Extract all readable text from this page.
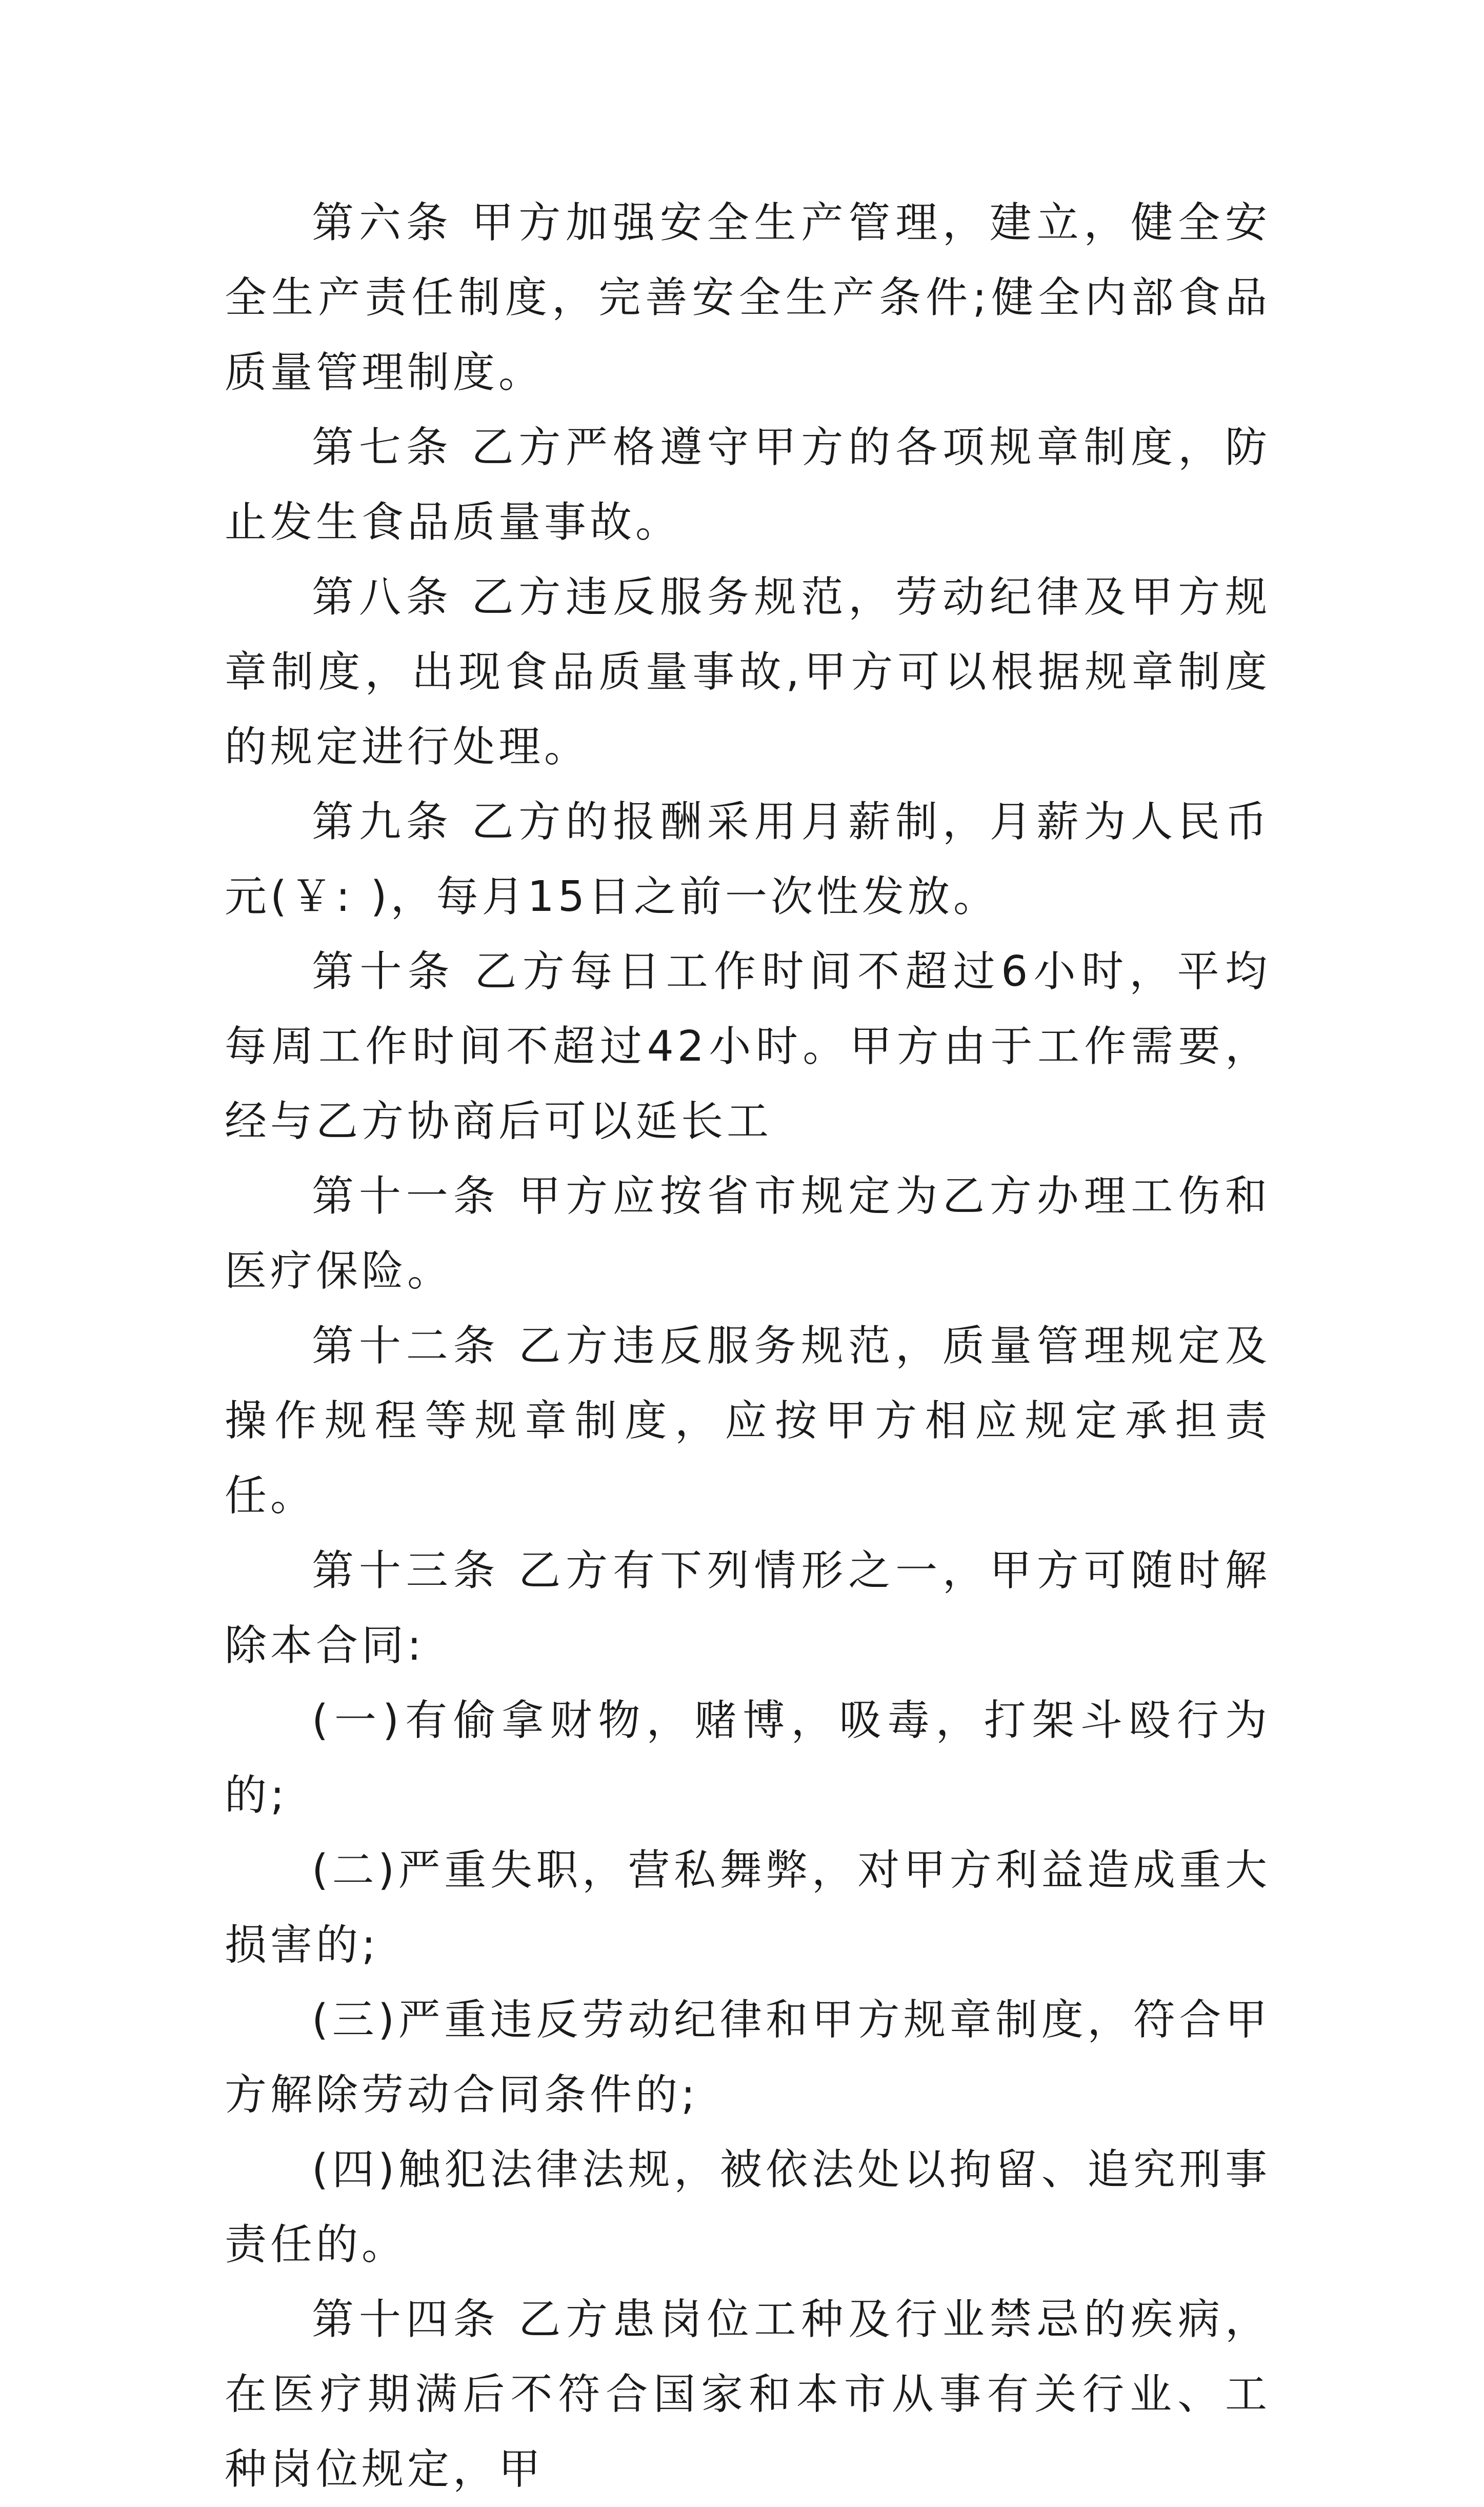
第六条 甲方加强安全生产管理，建立，健全安全生产责任制度，完善安全生产条件;健全内部食品质量管理制度。

第七条 乙方严格遵守甲方的各项规章制度，防止发生食品质量事故。

第八条 乙方违反服务规范，劳动纪律及甲方规章制度，出现食品质量事故,甲方可以根据规章制度的规定进行处理。

第九条 乙方的报酬采用月薪制，月薪为人民币 元(￥: )，每月15日之前一次性发放。

第十条 乙方每日工作时间不超过6小时，平均每周工作时间不超过42小时。甲方由于工作需要，经与乙方协商后可以延长工

第十一条 甲方应按省市规定为乙方办理工伤和医疗保险。

第十二条 乙方违反服务规范，质量管理规定及操作规程等规章制度，应按甲方相应规定承担责任。

第十三条 乙方有下列情形之一，甲方可随时解除本合同:

(一)有偷拿财物，赌博，吸毒，打架斗殴行为的;

(二)严重失职，营私舞弊，对甲方利益造成重大损害的;

(三)严重违反劳动纪律和甲方规章制度，符合甲方解除劳动合同条件的;

(四)触犯法律法规，被依法处以拘留、追究刑事责任的。

第十四条 乙方患岗位工种及行业禁忌的疾病，在医疗期满后不符合国家和本市从事有关行业、工种岗位规定，甲
